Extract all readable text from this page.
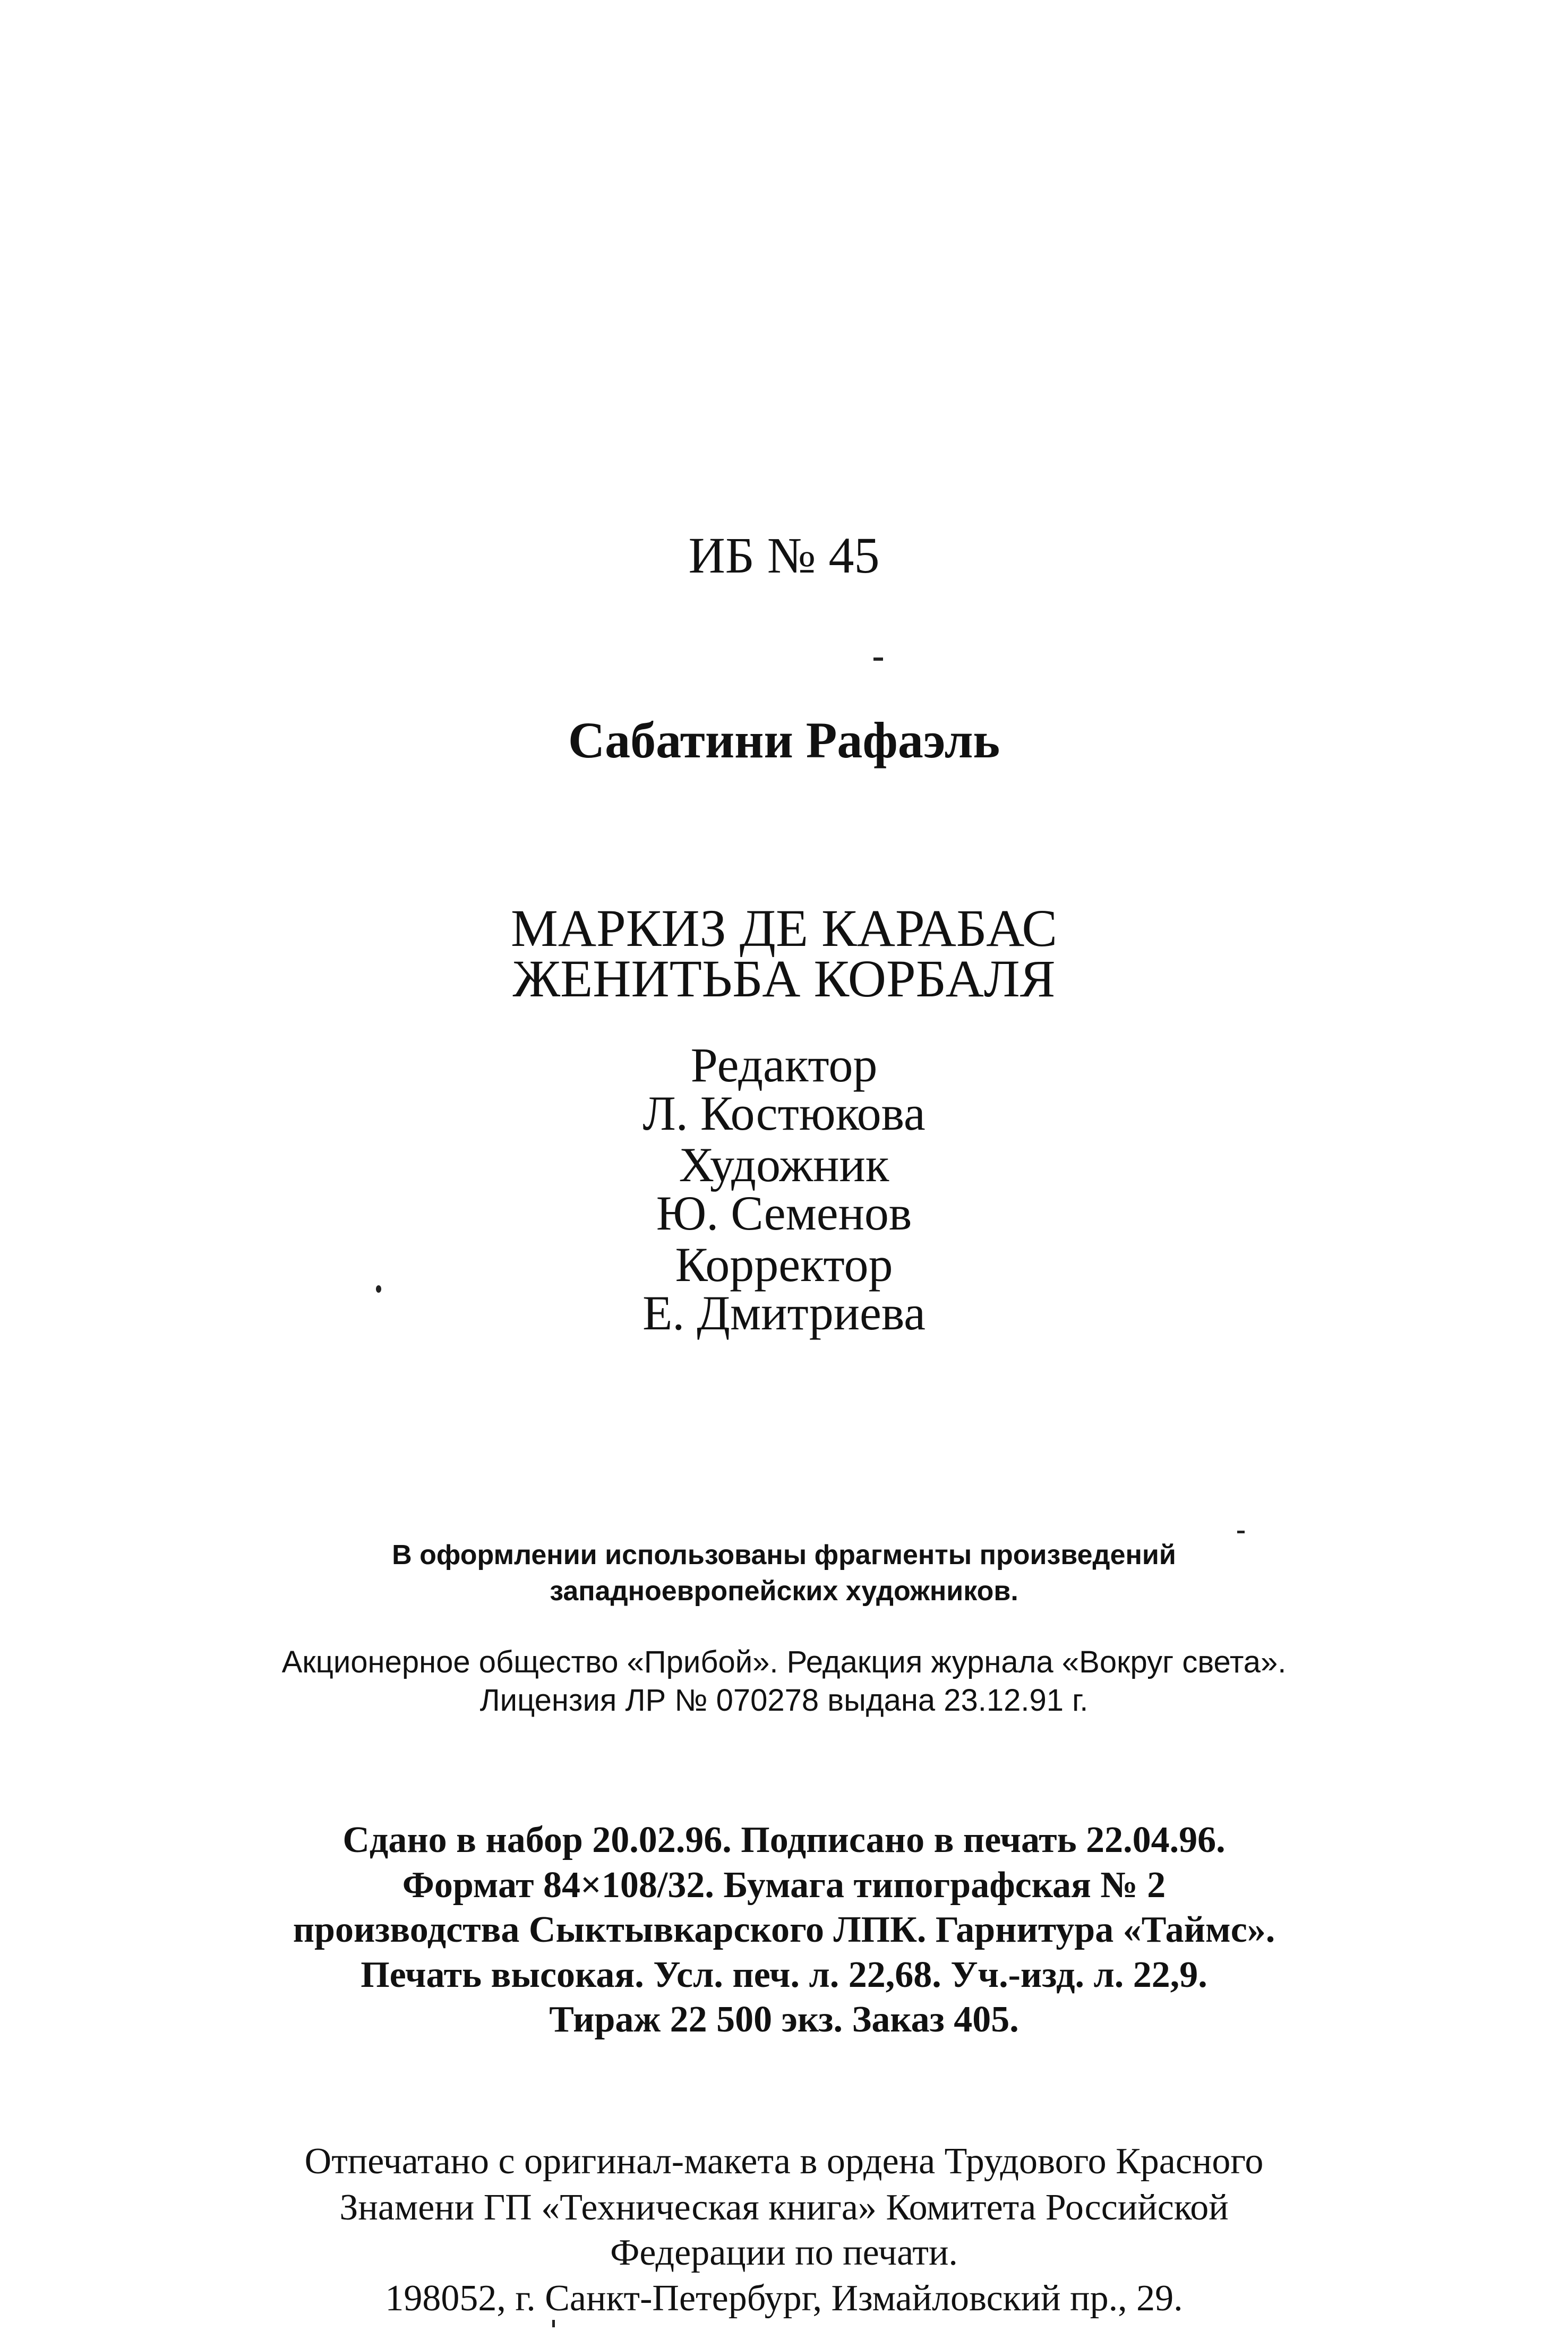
ИБ № 45
Сабатини Рафаэль
МАРКИЗ ДЕ КАРАБАС
ЖЕНИТЬБА КОРБАЛЯ
Редактор
Л. Костюкова
Художник
Ю. Семенов
Корректор
Е. Дмитриева
В оформлении использованы фрагменты произведений
западноевропейских художников.
Акционерное общество «Прибой». Редакция журнала «Вокруг света».
Лицензия ЛР № 070278 выдана 23.12.91 г.
Сдано в набор 20.02.96. Подписано в печать 22.04.96.
Формат 84×108/32. Бумага типографская № 2
производства Сыктывкарского ЛПК. Гарнитура «Таймс».
Печать высокая. Усл. печ. л. 22,68. Уч.-изд. л. 22,9.
Тираж 22 500 экз. Заказ 405.
Отпечатано с оригинал-макета в ордена Трудового Красного
Знамени ГП «Техническая книга» Комитета Российской
Федерации по печати.
198052, г. Санкт-Петербург, Измайловский пр., 29.
